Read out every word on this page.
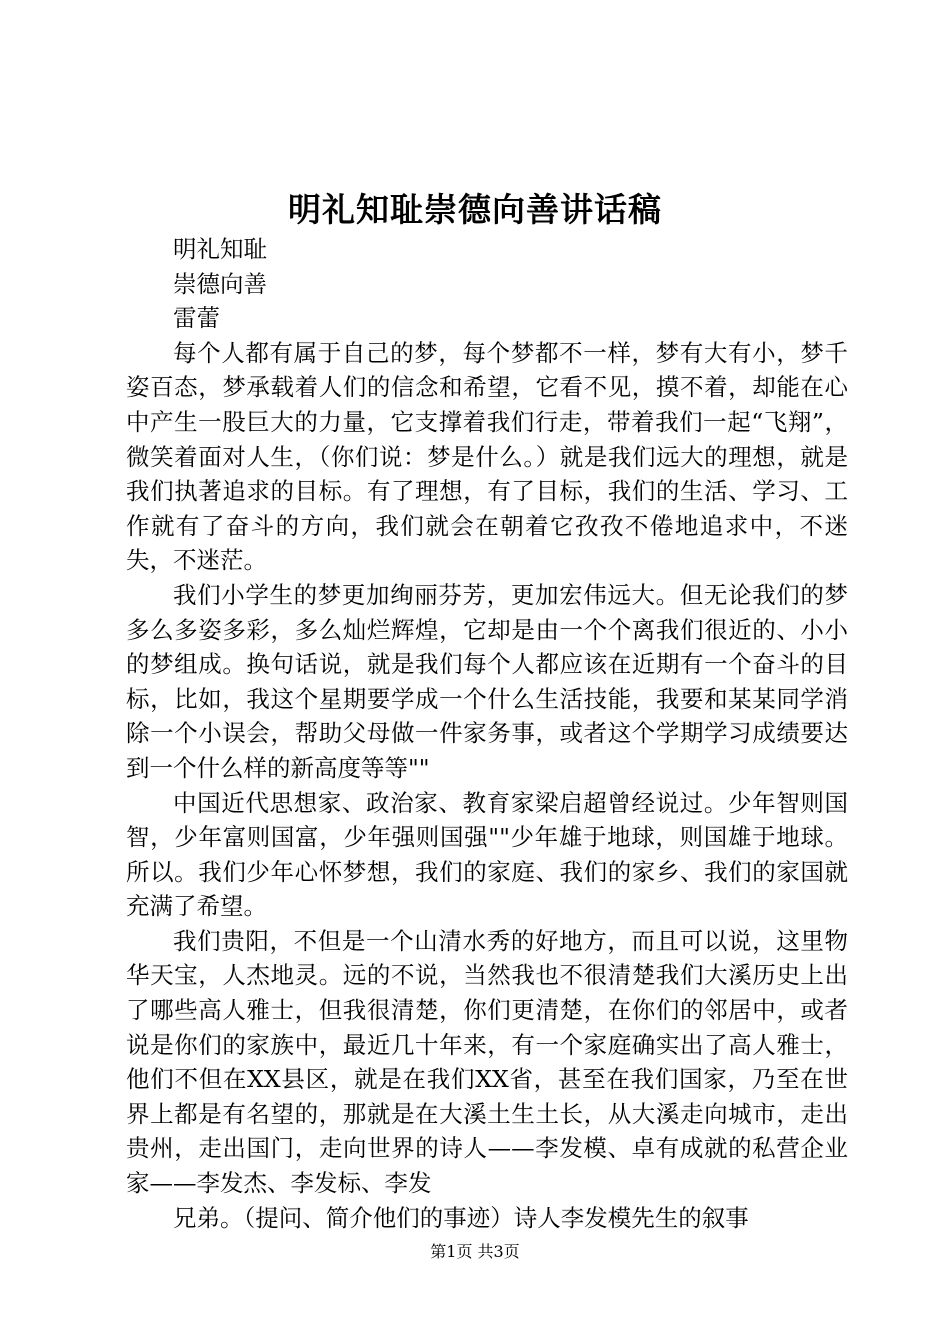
明礼知耻崇德向善讲话稿

明礼知耻

崇德向善

雷蕾

每个人都有属于自己的梦，每个梦都不一样，梦有大有小，梦千姿百态，梦承载着人们的信念和希望，它看不见，摸不着，却能在心中产生一股巨大的力量，它支撑着我们行走，带着我们一起“飞翔”，微笑着面对人生，（你们说：梦是什么。）就是我们远大的理想，就是我们执著追求的目标。有了理想，有了目标，我们的生活、学习、工作就有了奋斗的方向，我们就会在朝着它孜孜不倦地追求中，不迷失，不迷茫。

我们小学生的梦更加绚丽芬芳，更加宏伟远大。但无论我们的梦多么多姿多彩，多么灿烂辉煌，它却是由一个个离我们很近的、小小的梦组成。换句话说，就是我们每个人都应该在近期有一个奋斗的目标，比如，我这个星期要学成一个什么生活技能，我要和某某同学消除一个小误会，帮助父母做一件家务事，或者这个学期学习成绩要达到一个什么样的新高度等等""

中国近代思想家、政治家、教育家梁启超曾经说过。少年智则国智，少年富则国富，少年强则国强""少年雄于地球，则国雄于地球。所以。我们少年心怀梦想，我们的家庭、我们的家乡、我们的家国就充满了希望。

我们贵阳，不但是一个山清水秀的好地方，而且可以说，这里物华天宝，人杰地灵。远的不说，当然我也不很清楚我们大溪历史上出了哪些高人雅士，但我很清楚，你们更清楚，在你们的邻居中，或者说是你们的家族中，最近几十年来，有一个家庭确实出了高人雅士，他们不但在XX县区，就是在我们XX省，甚至在我们国家，乃至在世界上都是有名望的，那就是在大溪土生土长，从大溪走向城市，走出贵州，走出国门，走向世界的诗人——李发模、卓有成就的私营企业家——李发杰、李发标、李发

兄弟。（提问、简介他们的事迹）诗人李发模先生的叙事

第1页 共3页
